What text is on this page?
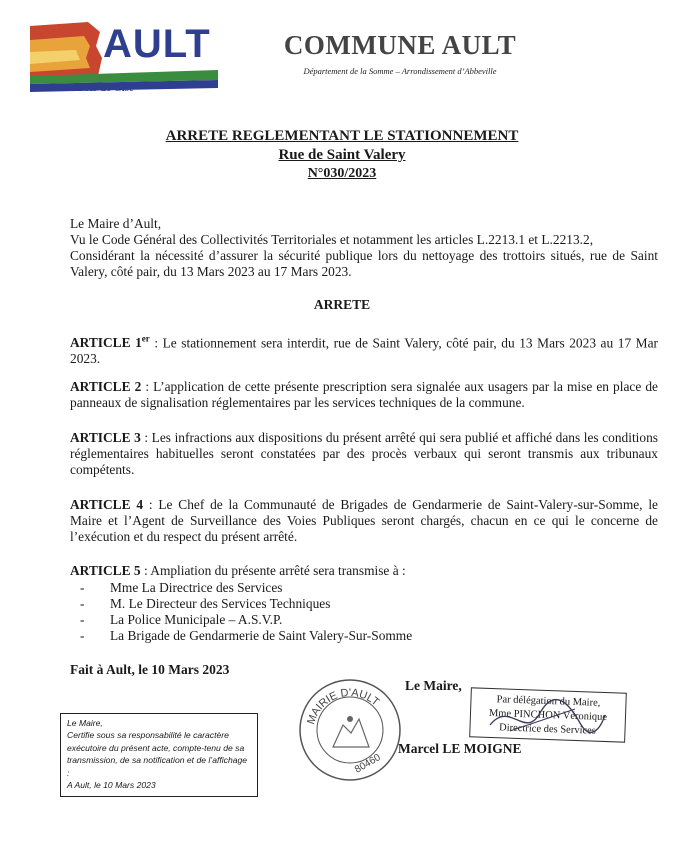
AULT
Onival - Bois de Cise
COMMUNE AULT
Département de la Somme – Arrondissement d’Abbeville
ARRETE REGLEMENTANT LE STATIONNEMENT
Rue de Saint Valery
N°030/2023
Le Maire d’Ault,
Vu le Code Général des Collectivités Territoriales et notamment les articles L.2213.1 et L.2213.2,
Considérant la nécessité d’assurer la sécurité publique lors du nettoyage des trottoirs situés, rue de Saint Valery, côté pair, du 13 Mars 2023 au 17 Mars 2023.
ARRETE
ARTICLE 1er : Le stationnement sera interdit, rue de Saint Valery, côté pair, du 13 Mars 2023 au 17 Mar 2023.
ARTICLE 2 : L’application de cette présente prescription sera signalée aux usagers par la mise en place de panneaux de signalisation réglementaires par les services techniques de la commune.
ARTICLE 3 : Les infractions aux dispositions du présent arrêté qui sera publié et affiché dans les conditions réglementaires habituelles seront constatées par des procès verbaux qui seront transmis aux tribunaux compétents.
ARTICLE 4 : Le Chef de la Communauté de Brigades de Gendarmerie de Saint-Valery-sur-Somme, le Maire et l’Agent de Surveillance des Voies Publiques seront chargés, chacun en ce qui le concerne de l’exécution et du respect du présent arrêté.
ARTICLE 5 : Ampliation du présente arrêté sera transmise à :
- Mme La Directrice des Services
- M. Le Directeur des Services Techniques
- La Police Municipale – A.S.V.P.
- La Brigade de Gendarmerie de Saint Valery-Sur-Somme
Fait à Ault, le 10 Mars 2023
Le Maire,
MAIRIE D'AULT
80460
Par délégation du Maire,
Mme PINCHON Véronique
Directrice des Services
Marcel LE MOIGNE
Le Maire,
Certifie sous sa responsabilité le caractère exécutoire du présent acte, compte-tenu de sa transmission, de sa notification et de l’affichage :
A Ault, le 10 Mars 2023
